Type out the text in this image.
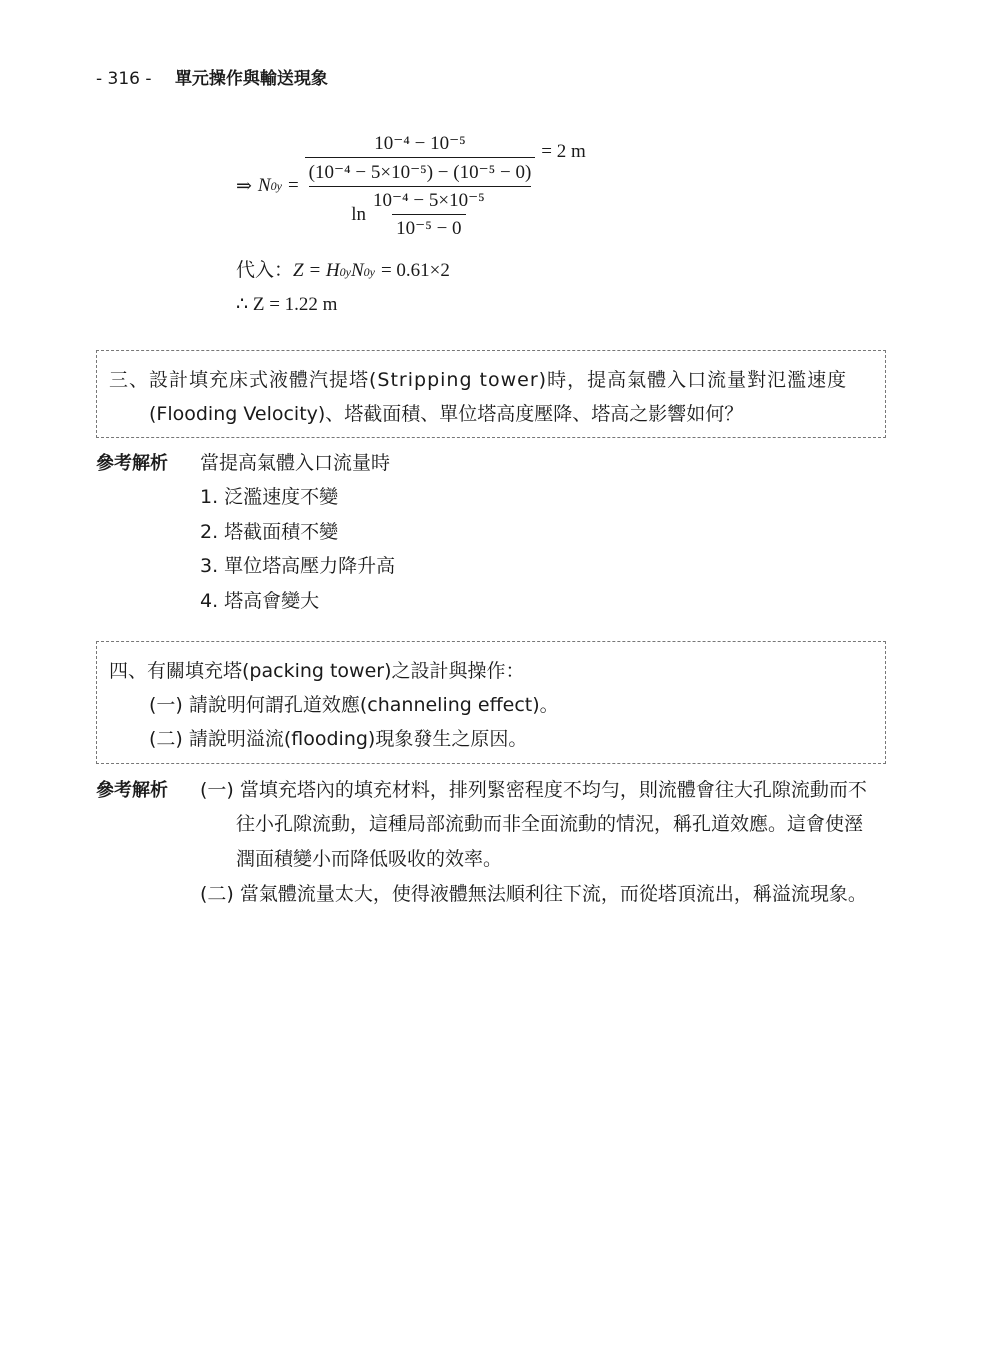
- 316 - 單元操作與輸送現象
⇒ N 0y =
10⁻⁴ − 10⁻⁵
(10⁻⁴ − 5×10⁻⁵) − (10⁻⁵ − 0)
$\ln \frac{\text{10⁻⁴ − 5×10⁻⁵}}{\text{10⁻⁵ − 0}}$
= 2 m
代入： Z = H 0y N 0y = 0.61×2
∴ Z = 1.22 m
三、設計填充床式液體汽提塔(Stripping tower)時，提高氣體入口流量對氾濫速度
(Flooding Velocity)、塔截面積、單位塔高度壓降、塔高之影響如何？
參考解析 當提高氣體入口流量時
1. 泛濫速度不變
2. 塔截面積不變
3. 單位塔高壓力降升高
4. 塔高會變大
四、有關填充塔(packing tower)之設計與操作：
(一) 請說明何謂孔道效應(channeling effect)。
(二) 請說明溢流(flooding)現象發生之原因。
參考解析 (一) 當填充塔內的填充材料，排列緊密程度不均勻，則流體會往大孔隙流動而不
往小孔隙流動，這種局部流動而非全面流動的情況，稱孔道效應。這會使溼
潤面積變小而降低吸收的效率。
(二) 當氣體流量太大，使得液體無法順利往下流，而從塔頂流出，稱溢流現象。
